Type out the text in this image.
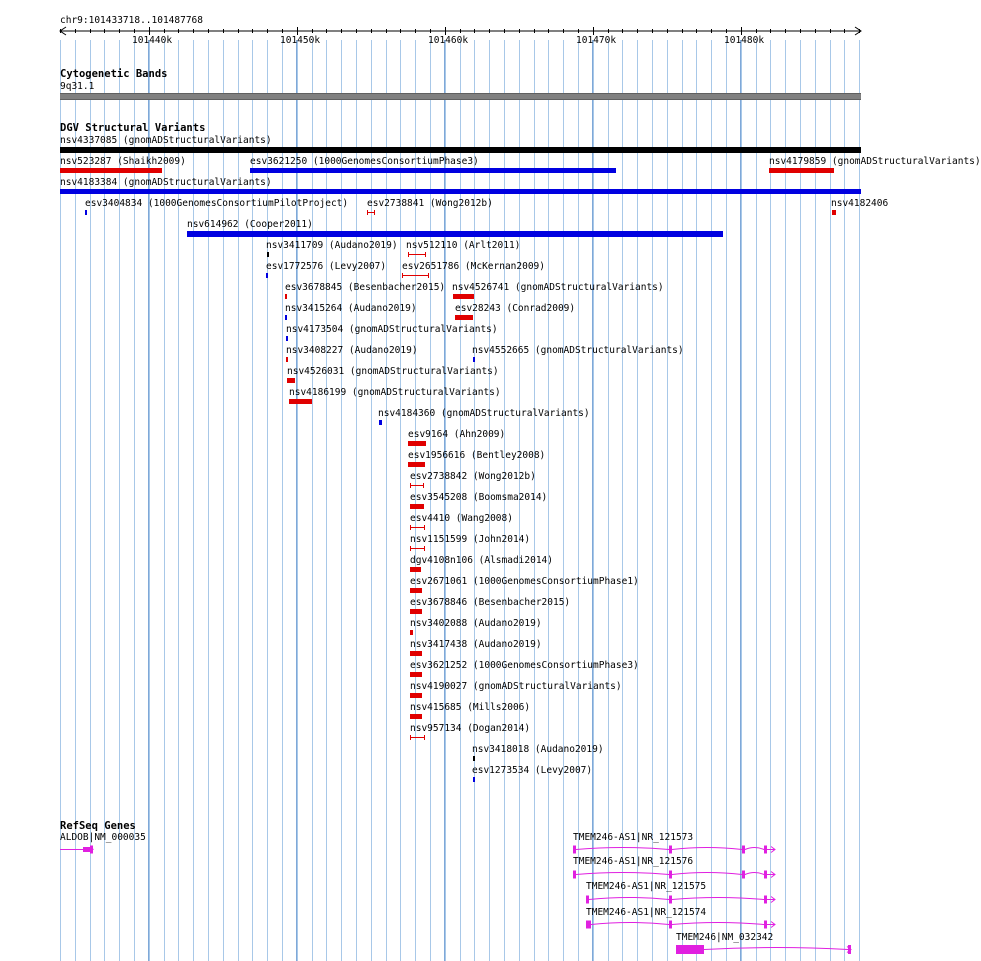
chr9:101433718..101487768
101440k	101450k	101460k	101470k	101480k
Cytogenetic Bands
9q31.1
DGV Structural Variants
nsv4337085 (gnomADStructuralVariants)
nsv523287 (Shaikh2009)	esv3621250 (1000GenomesConsortiumPhase3)	nsv4179859 (gnomADStructuralVariants)
nsv4183384 (gnomADStructuralVariants)
esv3404834 (1000GenomesConsortiumPilotProject) esv2738841 (Wong2012b)	nsv4182406
nsv614962 (Cooper2011)
nsv3411709 (Audano2019) nsv512110 (Arlt2011)
esv1772576 (Levy2007) esv2651786 (McKernan2009)
esv3678845 (Besenbacher2015) nsv4526741 (gnomADStructuralVariants)
nsv3415264 (Audano2019)	esv28243 (Conrad2009)
nsv4173504 (gnomADStructuralVariants)
nsv3408227 (Audano2019)	nsv4552665 (gnomADStructuralVariants)
nsv4526031 (gnomADStructuralVariants)
nsv4186199 (gnomADStructuralVariants)
nsv4184360 (gnomADStructuralVariants)
esv9164 (Ahn2009)
esv1956616 (Bentley2008)
esv2738842 (Wong2012b)
esv3545208 (Boomsma2014)
esv4410 (Wang2008)
nsv1151599 (John2014)
dgv4108n106 (Alsmadi2014)
esv2671061 (1000GenomesConsortiumPhase1)
esv3678846 (Besenbacher2015)
nsv3402088 (Audano2019)
nsv3417438 (Audano2019)
esv3621252 (1000GenomesConsortiumPhase3)
nsv4190027 (gnomADStructuralVariants)
nsv415685 (Mills2006)
nsv957134 (Dogan2014)
nsv3418018 (Audano2019)
esv1273534 (Levy2007)
RefSeq Genes
ALDOB|NM_000035	TMEM246-AS1|NR_121573
TMEM246-AS1|NR_121576
TMEM246-AS1|NR_121575
TMEM246-AS1|NR_121574
TMEM246|NM_032342
